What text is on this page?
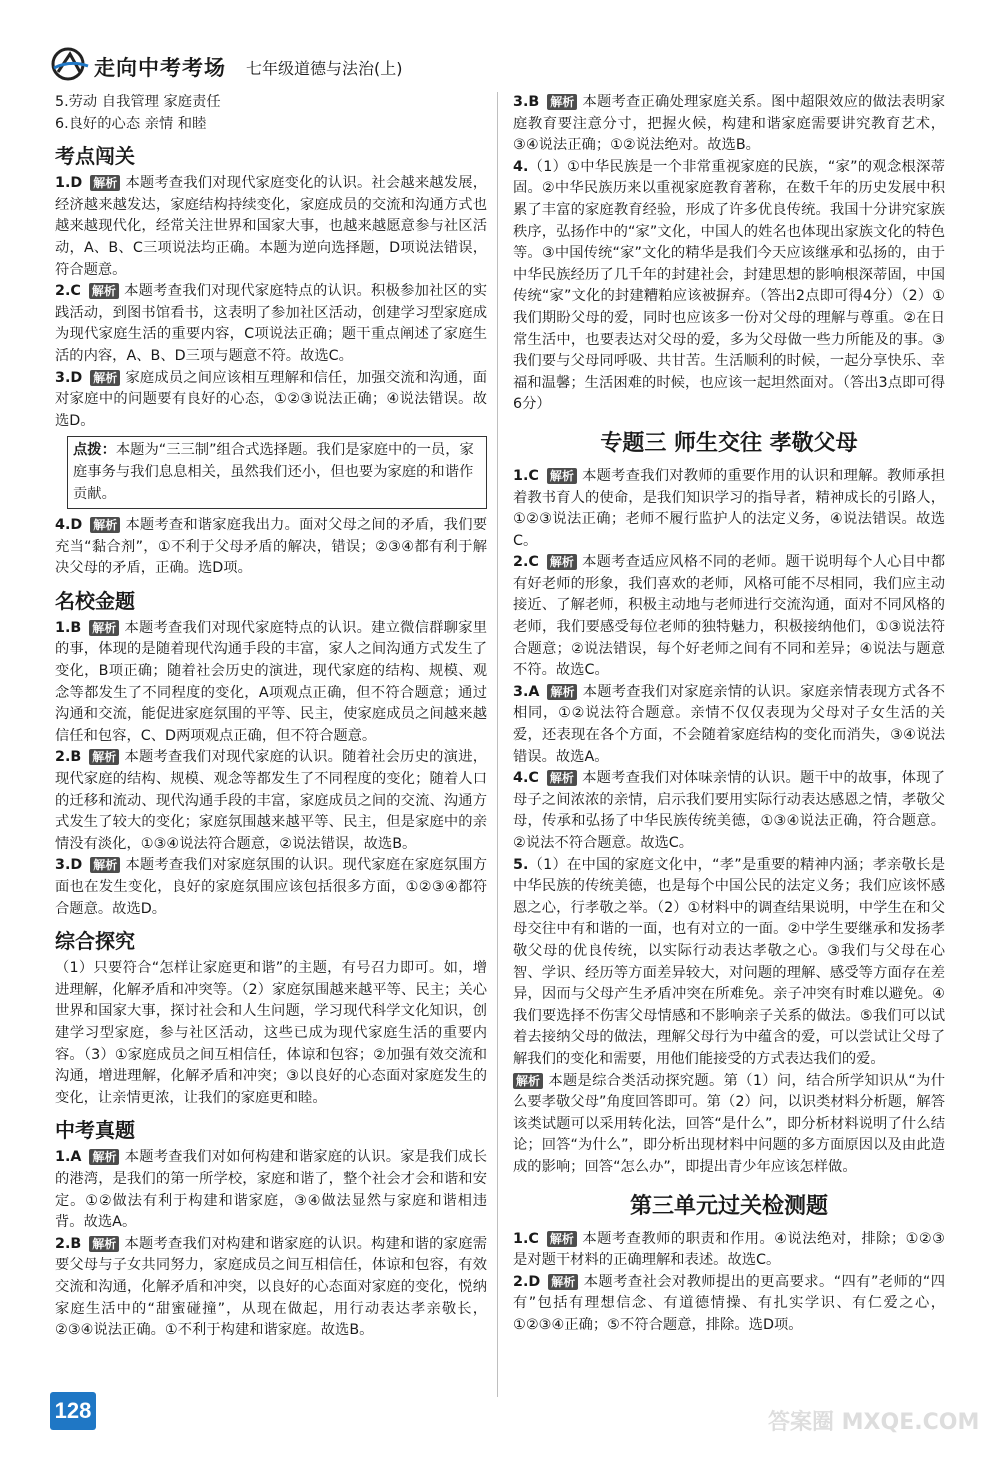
走向中考考场 七年级道德与法治(上)
5.劳动 自我管理 家庭责任
6.良好的心态 亲情 和睦
考点闯关

1.D 解析 本题考查我们对现代家庭变化的认识。社会越来越发展，经济越来越发达，家庭结构持续变化，家庭成员的交流和沟通方式也越来越现代化，经常关注世界和国家大事，也越来越愿意参与社区活动，A、B、C三项说法均正确。本题为逆向选择题，D项说法错误，符合题意。

2.C 解析 本题考查我们对现代家庭特点的认识。积极参加社区的实践活动，到图书馆看书，这表明了参加社区活动，创建学习型家庭成为现代家庭生活的重要内容，C项说法正确；题干重点阐述了家庭生活的内容，A、B、D三项与题意不符。故选C。

3.D 解析 家庭成员之间应该相互理解和信任，加强交流和沟通，面对家庭中的问题要有良好的心态，①②③说法正确；④说法错误。故选D。

点拨：本题为“三三制”组合式选择题。我们是家庭中的一员，家庭事务与我们息息相关，虽然我们还小，但也要为家庭的和谐作贡献。

4.D 解析 本题考查和谐家庭我出力。面对父母之间的矛盾，我们要充当“黏合剂”，①不利于父母矛盾的解决，错误；②③④都有利于解决父母的矛盾，正确。选D项。

名校金题

1.B 解析 本题考查我们对现代家庭特点的认识。建立微信群聊家里的事，体现的是随着现代沟通手段的丰富，家人之间沟通方式发生了变化，B项正确；随着社会历史的演进，现代家庭的结构、规模、观念等都发生了不同程度的变化，A项观点正确，但不符合题意；通过沟通和交流，能促进家庭氛围的平等、民主，使家庭成员之间越来越信任和包容，C、D两项观点正确，但不符合题意。

2.B 解析 本题考查我们对现代家庭的认识。随着社会历史的演进，现代家庭的结构、规模、观念等都发生了不同程度的变化；随着人口的迁移和流动、现代沟通手段的丰富，家庭成员之间的交流、沟通方式发生了较大的变化；家庭氛围越来越平等、民主，但是家庭中的亲情没有淡化，①③④说法符合题意，②说法错误，故选B。

3.D 解析 本题考查我们对家庭氛围的认识。现代家庭在家庭氛围方面也在发生变化，良好的家庭氛围应该包括很多方面，①②③④都符合题意。故选D。

综合探究

（1）只要符合“怎样让家庭更和谐”的主题，有号召力即可。如，增进理解，化解矛盾和冲突等。（2）家庭氛围越来越平等、民主；关心世界和国家大事，探讨社会和人生问题，学习现代科学文化知识，创建学习型家庭，参与社区活动，这些已成为现代家庭生活的重要内容。（3）①家庭成员之间互相信任，体谅和包容；②加强有效交流和沟通，增进理解，化解矛盾和冲突；③以良好的心态面对家庭发生的变化，让亲情更浓，让我们的家庭更和睦。

中考真题

1.A 解析 本题考查我们对如何构建和谐家庭的认识。家是我们成长的港湾，是我们的第一所学校，家庭和谐了，整个社会才会和谐和安定。①②做法有利于构建和谐家庭，③④做法显然与家庭和谐相违背。故选A。

2.B 解析 本题考查我们对构建和谐家庭的认识。构建和谐的家庭需要父母与子女共同努力，家庭成员之间互相信任，体谅和包容，有效交流和沟通，化解矛盾和冲突，以良好的心态面对家庭的变化，悦纳家庭生活中的“甜蜜碰撞”，从现在做起，用行动表达孝亲敬长，②③④说法正确。①不利于构建和谐家庭。故选B。

3.B 解析 本题考查正确处理家庭关系。图中超限效应的做法表明家庭教育要注意分寸，把握火候，构建和谐家庭需要讲究教育艺术，③④说法正确；①②说法绝对。故选B。

4.（1）①中华民族是一个非常重视家庭的民族，“家”的观念根深蒂固。②中华民族历来以重视家庭教育著称，在数千年的历史发展中积累了丰富的家庭教育经验，形成了许多优良传统。我国十分讲究家族秩序，弘扬作中的“家”文化，中国人的姓名也体现出家族文化的特色等。③中国传统“家”文化的精华是我们今天应该继承和弘扬的，由于中华民族经历了几千年的封建社会，封建思想的影响根深蒂固，中国传统“家”文化的封建糟粕应该被摒弃。（答出2点即可得4分）（2）①我们期盼父母的爱，同时也应该多一份对父母的理解与尊重。②在日常生活中，也要表达对父母的爱，多为父母做一些力所能及的事。③我们要与父母同呼吸、共甘苦。生活顺利的时候，一起分享快乐、幸福和温馨；生活困难的时候，也应该一起坦然面对。（答出3点即可得6分）

专题三 师生交往 孝敬父母

1.C 解析 本题考查我们对教师的重要作用的认识和理解。教师承担着教书育人的使命，是我们知识学习的指导者，精神成长的引路人，①②③说法正确；老师不履行监护人的法定义务，④说法错误。故选C。

2.C 解析 本题考查适应风格不同的老师。题干说明每个人心目中都有好老师的形象，我们喜欢的老师，风格可能不尽相同，我们应主动接近、了解老师，积极主动地与老师进行交流沟通，面对不同风格的老师，我们要感受每位老师的独特魅力，积极接纳他们，①③说法符合题意；②说法错误，每个好老师之间有不同和差异；④说法与题意不符。故选C。

3.A 解析 本题考查我们对家庭亲情的认识。家庭亲情表现方式各不相同，①②说法符合题意。亲情不仅仅表现为父母对子女生活的关爱，还表现在各个方面，不会随着家庭结构的变化而消失，③④说法错误。故选A。

4.C 解析 本题考查我们对体味亲情的认识。题干中的故事，体现了母子之间浓浓的亲情，启示我们要用实际行动表达感恩之情，孝敬父母，传承和弘扬了中华民族传统美德，①③④说法正确，符合题意。②说法不符合题意。故选C。

5.（1）在中国的家庭文化中，“孝”是重要的精神内涵；孝亲敬长是中华民族的传统美德，也是每个中国公民的法定义务；我们应该怀感恩之心，行孝敬之举。（2）①材料中的调查结果说明，中学生在和父母交往中有和谐的一面，也有对立的一面。②中学生要继承和发扬孝敬父母的优良传统，以实际行动表达孝敬之心。③我们与父母在心智、学识、经历等方面差异较大，对问题的理解、感受等方面存在差异，因而与父母产生矛盾冲突在所难免。亲子冲突有时难以避免。④我们要选择不伤害父母情感和不影响亲子关系的做法。⑤我们可以试着去接纳父母的做法，理解父母行为中蕴含的爱，可以尝试让父母了解我们的变化和需要，用他们能接受的方式表达我们的爱。

解析 本题是综合类活动探究题。第（1）问，结合所学知识从“为什么要孝敬父母”角度回答即可。第（2）问，以识类材料分析题，解答该类试题可以采用转化法，回答“是什么”，即分析材料说明了什么结论；回答“为什么”，即分析出现材料中问题的多方面原因以及由此造成的影响；回答“怎么办”，即提出青少年应该怎样做。

第三单元过关检测题

1.C 解析 本题考查教师的职责和作用。④说法绝对，排除；①②③是对题干材料的正确理解和表述。故选C。

2.D 解析 本题考查社会对教师提出的更高要求。“四有”老师的“四有”包括有理想信念、有道德情操、有扎实学识、有仁爱之心，①②③④正确；⑤不符合题意，排除。选D项。

128	答案圈 MXQE.COM
